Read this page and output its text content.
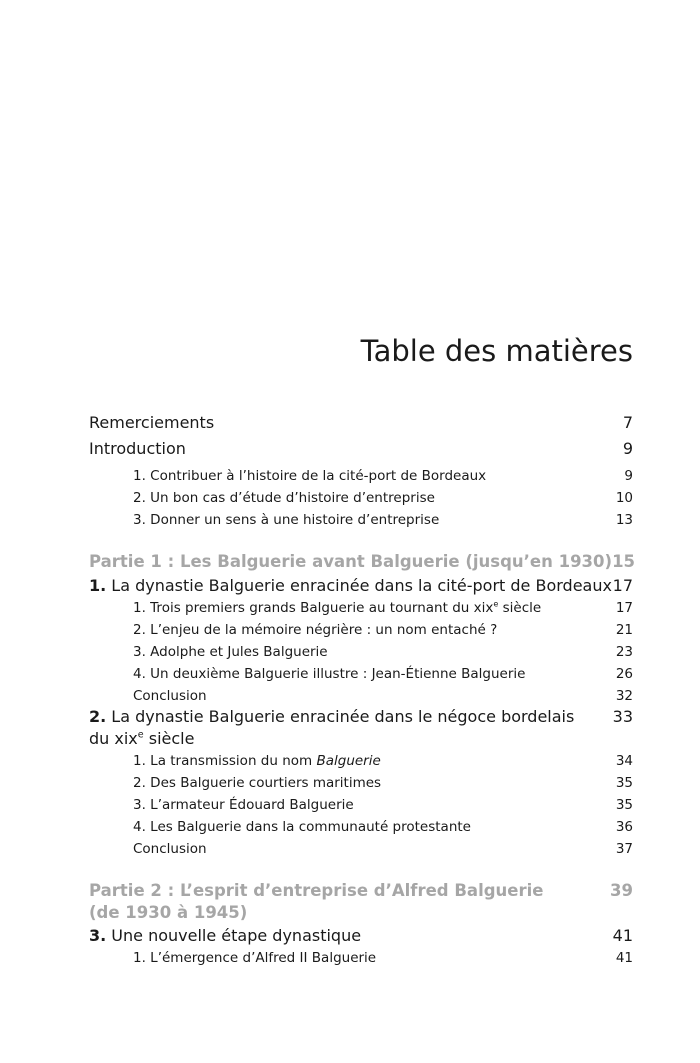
Table des matières
Remerciements	7
Introduction	9
1. Contribuer à l’histoire de la cité-port de Bordeaux	9
2. Un bon cas d’étude d’histoire d’entreprise	10
3. Donner un sens à une histoire d’entreprise	13
Partie 1 : Les Balguerie avant Balguerie (jusqu’en 1930) 15
1. La dynastie Balguerie enracinée dans la cité-port de Bordeaux 17
1. Trois premiers grands Balguerie au tournant du xix$^e$ siècle	17
2. L’enjeu de la mémoire négrière : un nom entaché ?	21
3. Adolphe et Jules Balguerie	23
4. Un deuxième Balguerie illustre : Jean-Étienne Balguerie	26
Conclusion	32
2. La dynastie Balguerie enracinée dans le négoce bordelais 33
du xix$^e$ siècle
1. La transmission du nom Balguerie	34
2. Des Balguerie courtiers maritimes	35
3. L’armateur Édouard Balguerie	35
4. Les Balguerie dans la communauté protestante	36
Conclusion	37
Partie 2 : L’esprit d’entreprise d’Alfred Balguerie	39
(de 1930 à 1945)
3. Une nouvelle étape dynastique	41
1. L’émergence d’Alfred II Balguerie	41
